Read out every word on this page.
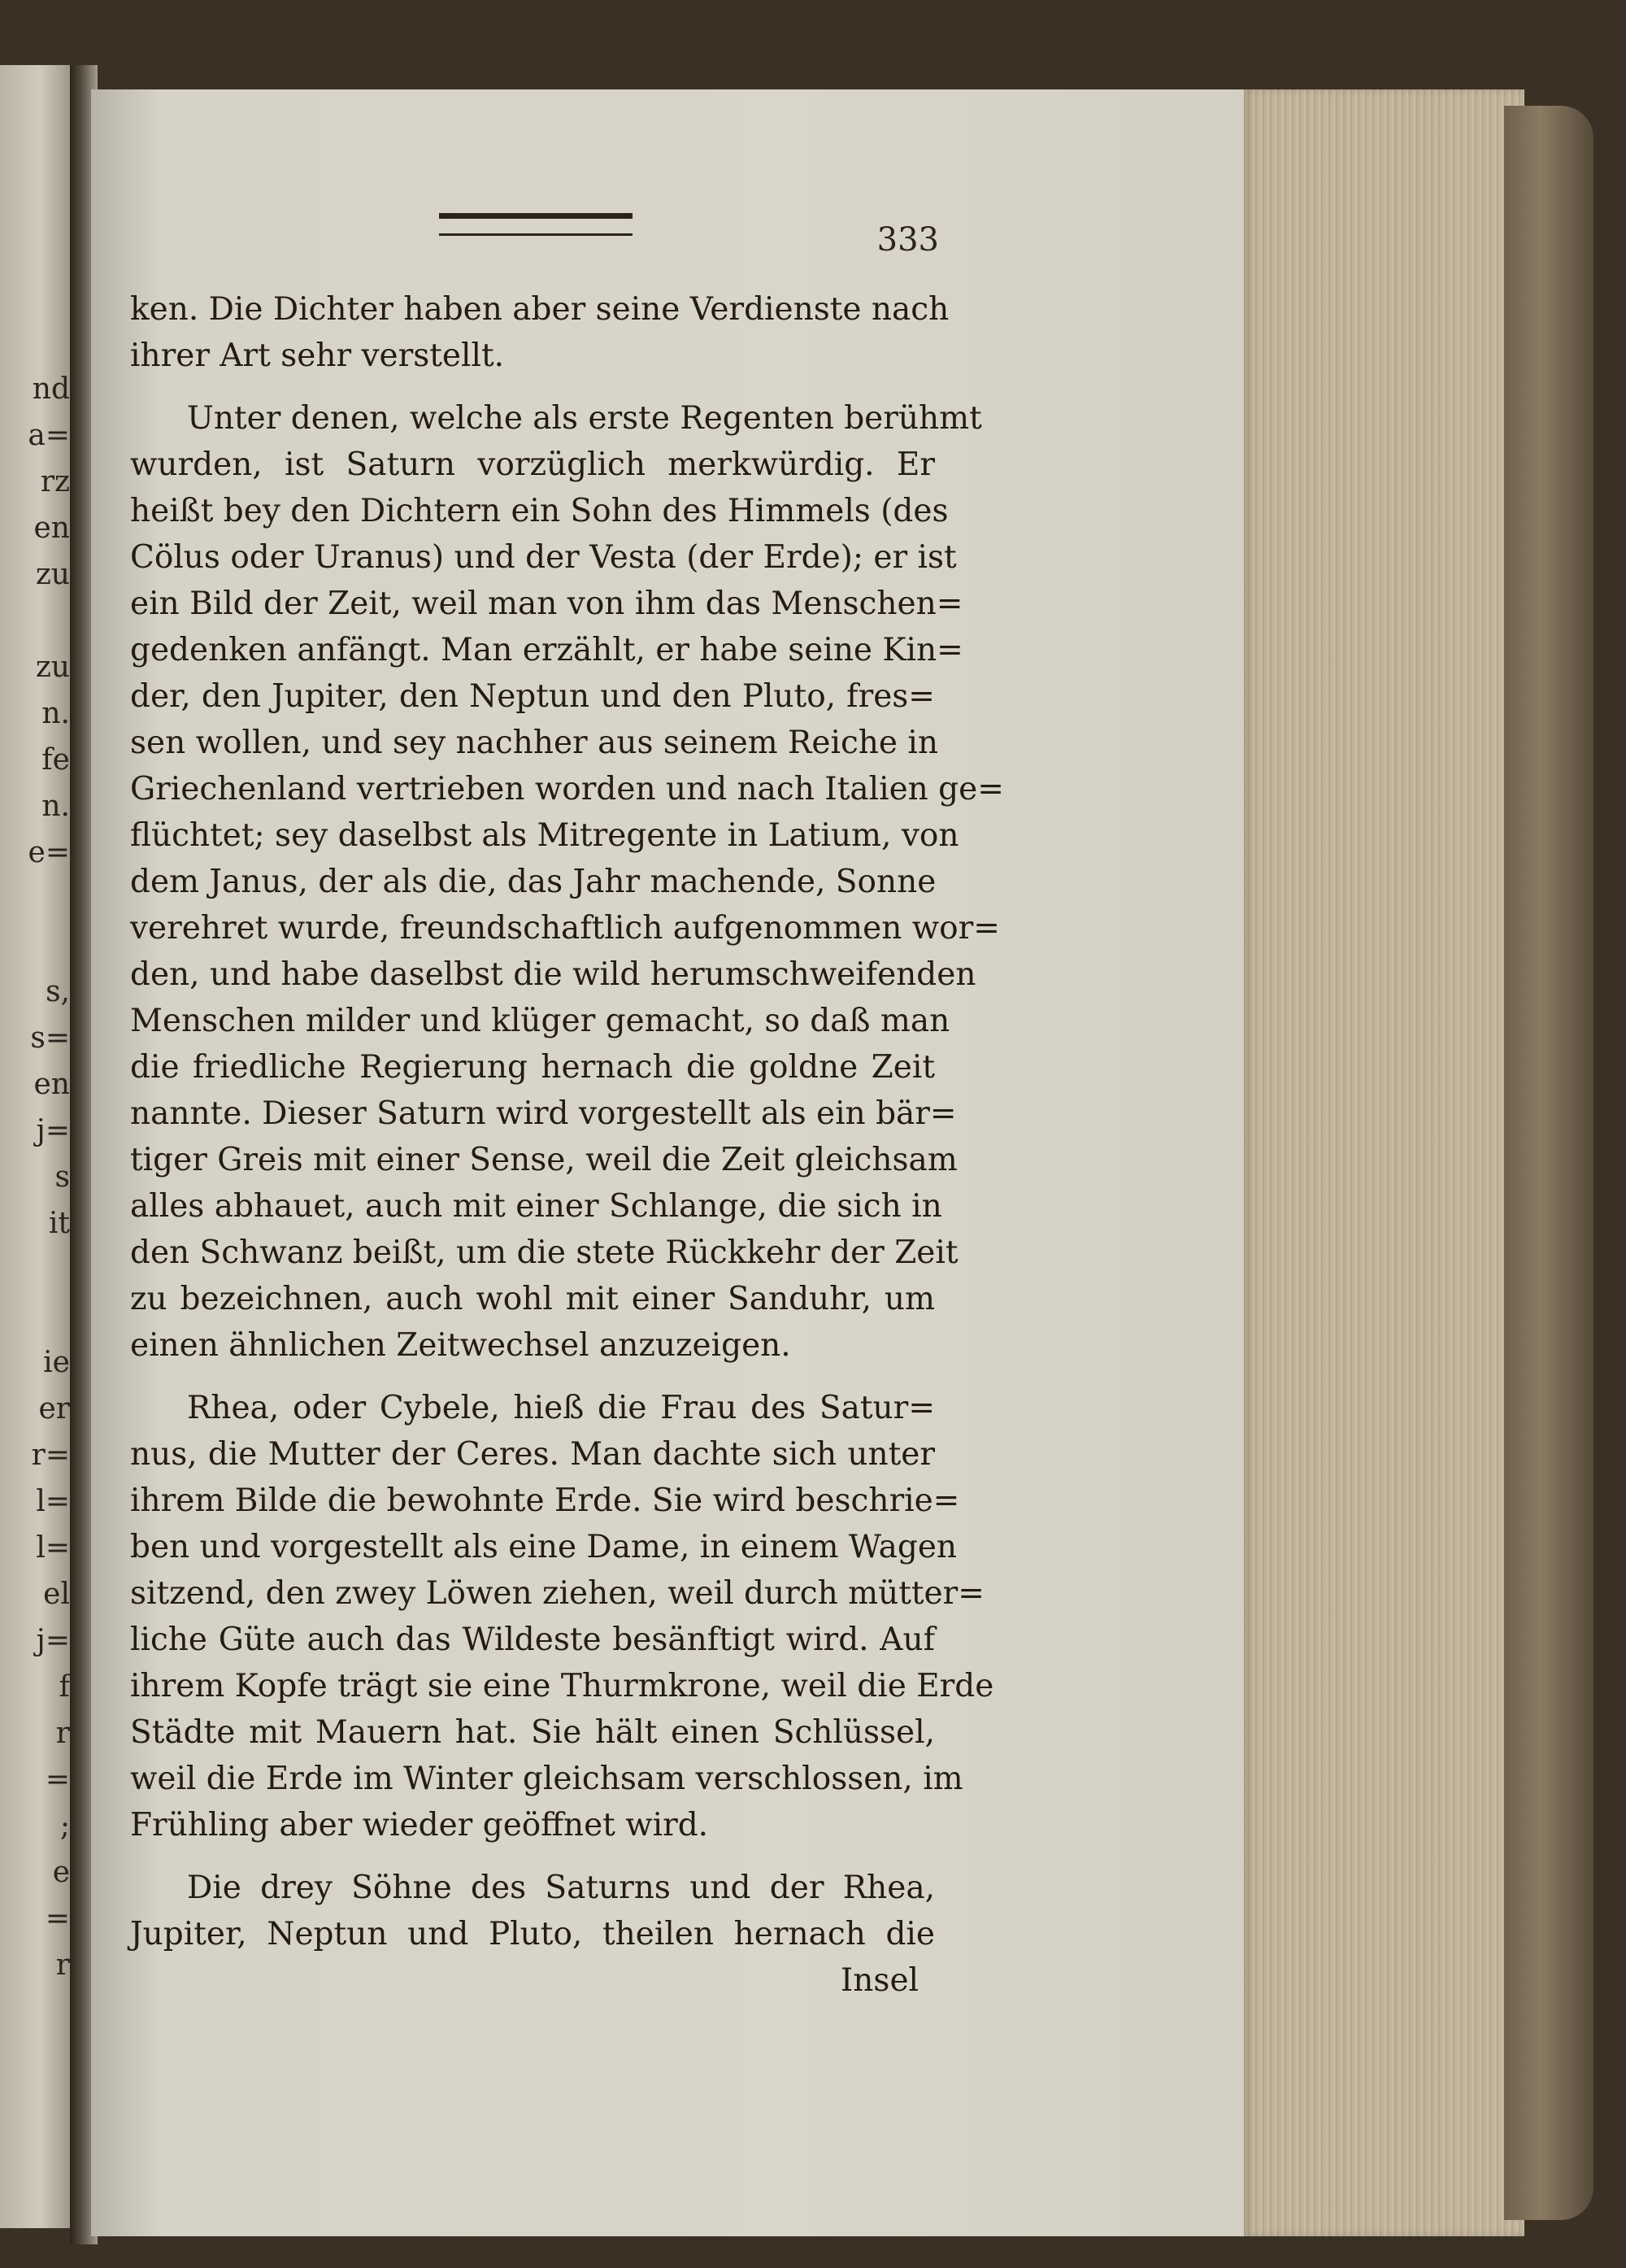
nd
a=
rz
en
zu
zu
n.
fe
n.
e=
s,
s=
en
j=
s
it
ie
er
r=
l=
l=
el
j=
f
r
=
;
e
=
r
333
ken. Die Dichter haben aber seine Verdienste nach
ihrer Art sehr verstellt.
Unter denen, welche als erste Regenten berühmt
wurden, ist Saturn vorzüglich merkwürdig. Er
heißt bey den Dichtern ein Sohn des Himmels (des
Cölus oder Uranus) und der Vesta (der Erde); er ist
ein Bild der Zeit, weil man von ihm das Menschen=
gedenken anfängt. Man erzählt, er habe seine Kin=
der, den Jupiter, den Neptun und den Pluto, fres=
sen wollen, und sey nachher aus seinem Reiche in
Griechenland vertrieben worden und nach Italien ge=
flüchtet; sey daselbst als Mitregente in Latium, von
dem Janus, der als die, das Jahr machende, Sonne
verehret wurde, freundschaftlich aufgenommen wor=
den, und habe daselbst die wild herumschweifenden
Menschen milder und klüger gemacht, so daß man
die friedliche Regierung hernach die goldne Zeit
nannte. Dieser Saturn wird vorgestellt als ein bär=
tiger Greis mit einer Sense, weil die Zeit gleichsam
alles abhauet, auch mit einer Schlange, die sich in
den Schwanz beißt, um die stete Rückkehr der Zeit
zu bezeichnen, auch wohl mit einer Sanduhr, um
einen ähnlichen Zeitwechsel anzuzeigen.
Rhea, oder Cybele, hieß die Frau des Satur=
nus, die Mutter der Ceres. Man dachte sich unter
ihrem Bilde die bewohnte Erde. Sie wird beschrie=
ben und vorgestellt als eine Dame, in einem Wagen
sitzend, den zwey Löwen ziehen, weil durch mütter=
liche Güte auch das Wildeste besänftigt wird. Auf
ihrem Kopfe trägt sie eine Thurmkrone, weil die Erde
Städte mit Mauern hat. Sie hält einen Schlüssel,
weil die Erde im Winter gleichsam verschlossen, im
Frühling aber wieder geöffnet wird.
Die drey Söhne des Saturns und der Rhea,
Jupiter, Neptun und Pluto, theilen hernach die
Insel
